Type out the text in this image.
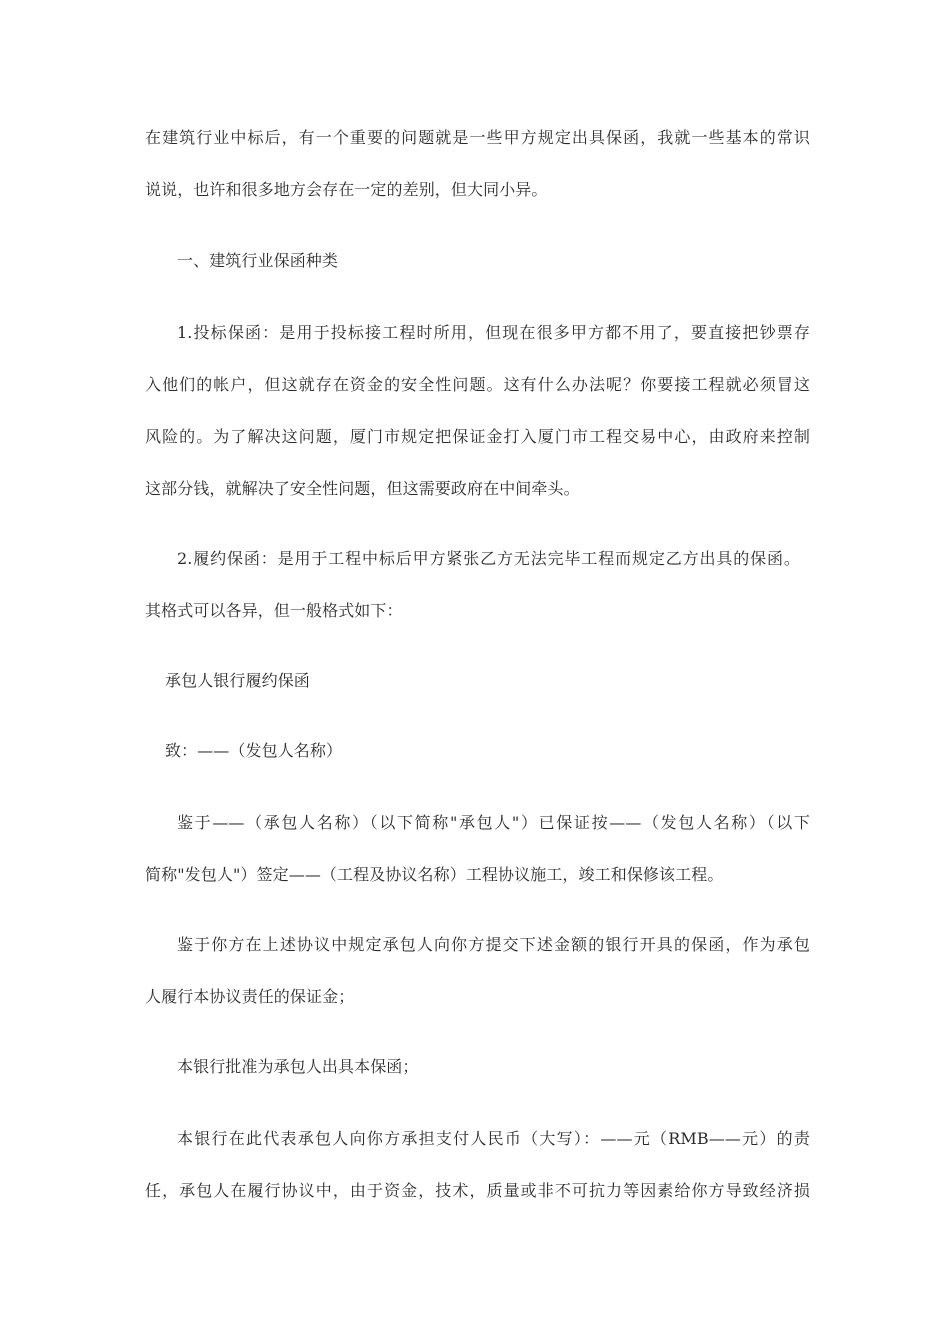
在建筑行业中标后，有一个重要的问题就是一些甲方规定出具保函，我就一些基本的常识
说说，也许和很多地方会存在一定的差别，但大同小异。
一、建筑行业保函种类
1.投标保函：是用于投标接工程时所用，但现在很多甲方都不用了，要直接把钞票存
入他们的帐户，但这就存在资金的安全性问题。这有什么办法呢？你要接工程就必须冒这
风险的。为了解决这问题，厦门市规定把保证金打入厦门市工程交易中心，由政府来控制
这部分钱，就解决了安全性问题，但这需要政府在中间牵头。
2.履约保函：是用于工程中标后甲方紧张乙方无法完毕工程而规定乙方出具的保函。
其格式可以各异，但一般格式如下：
承包人银行履约保函
致：——（发包人名称）
鉴于——（承包人名称）（以下简称"承包人"）已保证按——（发包人名称）（以下
简称"发包人"）签定——（工程及协议名称）工程协议施工，竣工和保修该工程。
鉴于你方在上述协议中规定承包人向你方提交下述金额的银行开具的保函，作为承包
人履行本协议责任的保证金；
本银行批准为承包人出具本保函；
本银行在此代表承包人向你方承担支付人民币（大写）：——元（RMB——元）的责
任，承包人在履行协议中，由于资金，技术，质量或非不可抗力等因素给你方导致经济损
